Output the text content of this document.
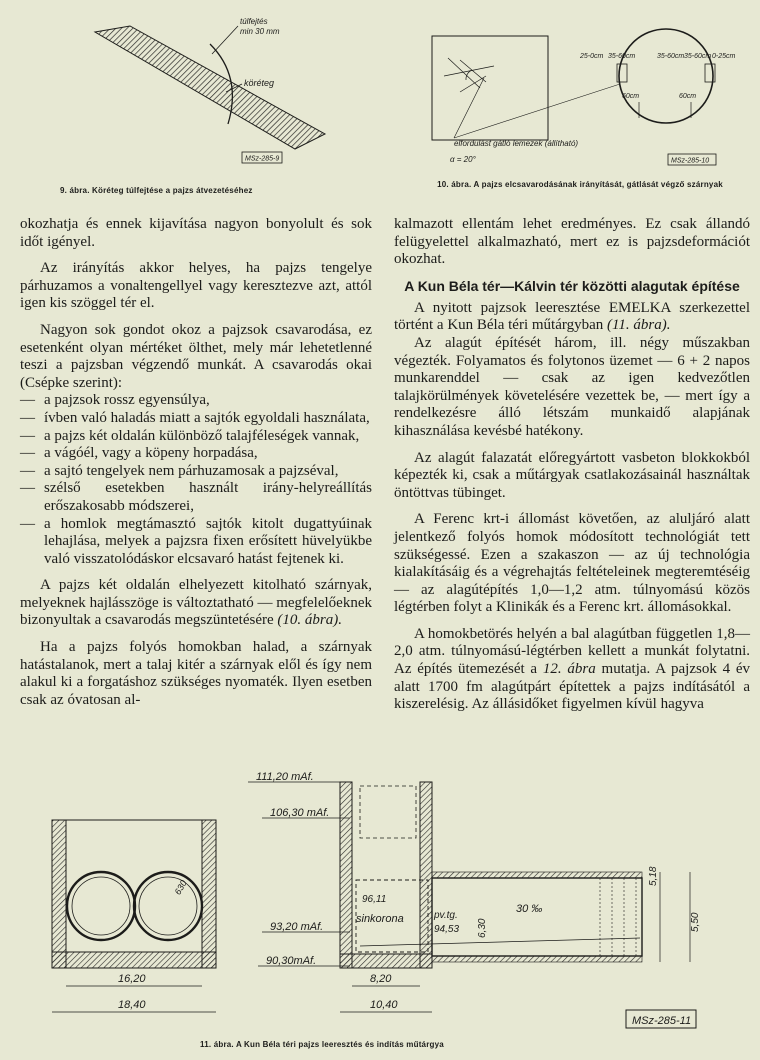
túlfejtés
min 30 mm
köréteg
MSz-285-9
9. ábra. Köréteg túlfejtése a pajzs átvezetéséhez
25-0cm 35-60cm	35-60cm 35-60cm 0-25cm
60cm	60cm
elfordulást gátló lemezek (állítható)
α = 20°	MSz-285-10
10. ábra. A pajzs elcsavarodásának irányítását, gátlását végző szárnyak

okozhatja és ennek kijavítása nagyon bonyolult és sok időt igényel.

Az irányítás akkor helyes, ha pajzs tengelye párhuzamos a vonaltengellyel vagy keresztezve azt, attól igen kis szöggel tér el.

Nagyon sok gondot okoz a pajzsok csavarodása, ez esetenként olyan mértéket ölthet, mely már lehetetlenné teszi a pajzsban végzendő munkát. A csavarodás okai (Csépke szerint):

— a pajzsok rossz egyensúlya,
— ívben való haladás miatt a sajtók egyoldali használata,
— a pajzs két oldalán különböző talajféleségek vannak,
— a vágóél, vagy a köpeny horpadása,
— a sajtó tengelyek nem párhuzamosak a pajzséval,
— szélső esetekben használt irány-helyreállítás erőszakosabb módszerei,
— a homlok megtámasztó sajtók kitolt dugattyúinak lehajlása, melyek a pajzsra fixen erősített hüvelyükbe való visszatolódáskor elcsavaró hatást fejtenek ki.

A pajzs két oldalán elhelyezett kitolható szárnyak, melyeknek hajlásszöge is változtatható — megfelelőeknek bizonyultak a csavarodás megszüntetésére (10. ábra).

Ha a pajzs folyós homokban halad, a szárnyak hatástalanok, mert a talaj kitér a szárnyak elől és így nem alakul ki a forgatáshoz szükséges nyomaték. Ilyen esetben csak az óvatosan al-

kalmazott ellentám lehet eredményes. Ez csak állandó felügyelettel alkalmazható, mert ez is pajzsdeformációt okozhat.

A Kun Béla tér—Kálvin tér közötti alagutak építése

A nyitott pajzsok leeresztése EMELKA szerkezettel történt a Kun Béla téri műtárgyban (11. ábra).

Az alagút építését három, ill. négy műszakban végezték. Folyamatos és folytonos üzemet — 6 + 2 napos munkarenddel — csak az igen kedvezőtlen talajkörülmények követelésére vezettek be, — mert így a rendelkezésre álló létszám munkaidő alapjának kihasználása kevésbé hatékony.

Az alagút falazatát előregyártott vasbeton blokkokból képezték ki, csak a műtárgyak csatlakozásainál használtak öntöttvas tübinget.

A Ferenc krt-i állomást követően, az aluljáró alatt jelentkező folyós homok módosított technológiát tett szükségessé. Ezen a szakaszon — az új technológia kialakításáig és a végrehajtás feltételeinek megteremtéséig — az alagútépítés 1,0—1,2 atm. túlnyomású közös légtérben folyt a Klinikák és a Ferenc krt. állomásokkal.

A homokbetörés helyén a bal alagútban független 1,8—2,0 atm. túlnyomású-légtérben kellett a munkát folytatni. Az építés ütemezését a 12. ábra mutatja. A pajzsok 4 év alatt 1700 fm alagútpárt építettek a pajzs indításától a kiszerelésig. Az állásidőket figyelmen kívül hagyva

630
16,20
18,40
111,20 mAf.
106,30 mAf.
93,20 mAf.
90,30mAf.
96,11
sinkorona	pv.tg.
94,53 6,30
30 ‰
5,18
5,50
8,20
10,40
MSz-285-11
11. ábra. A Kun Béla téri pajzs leeresztés és indítás műtárgya
